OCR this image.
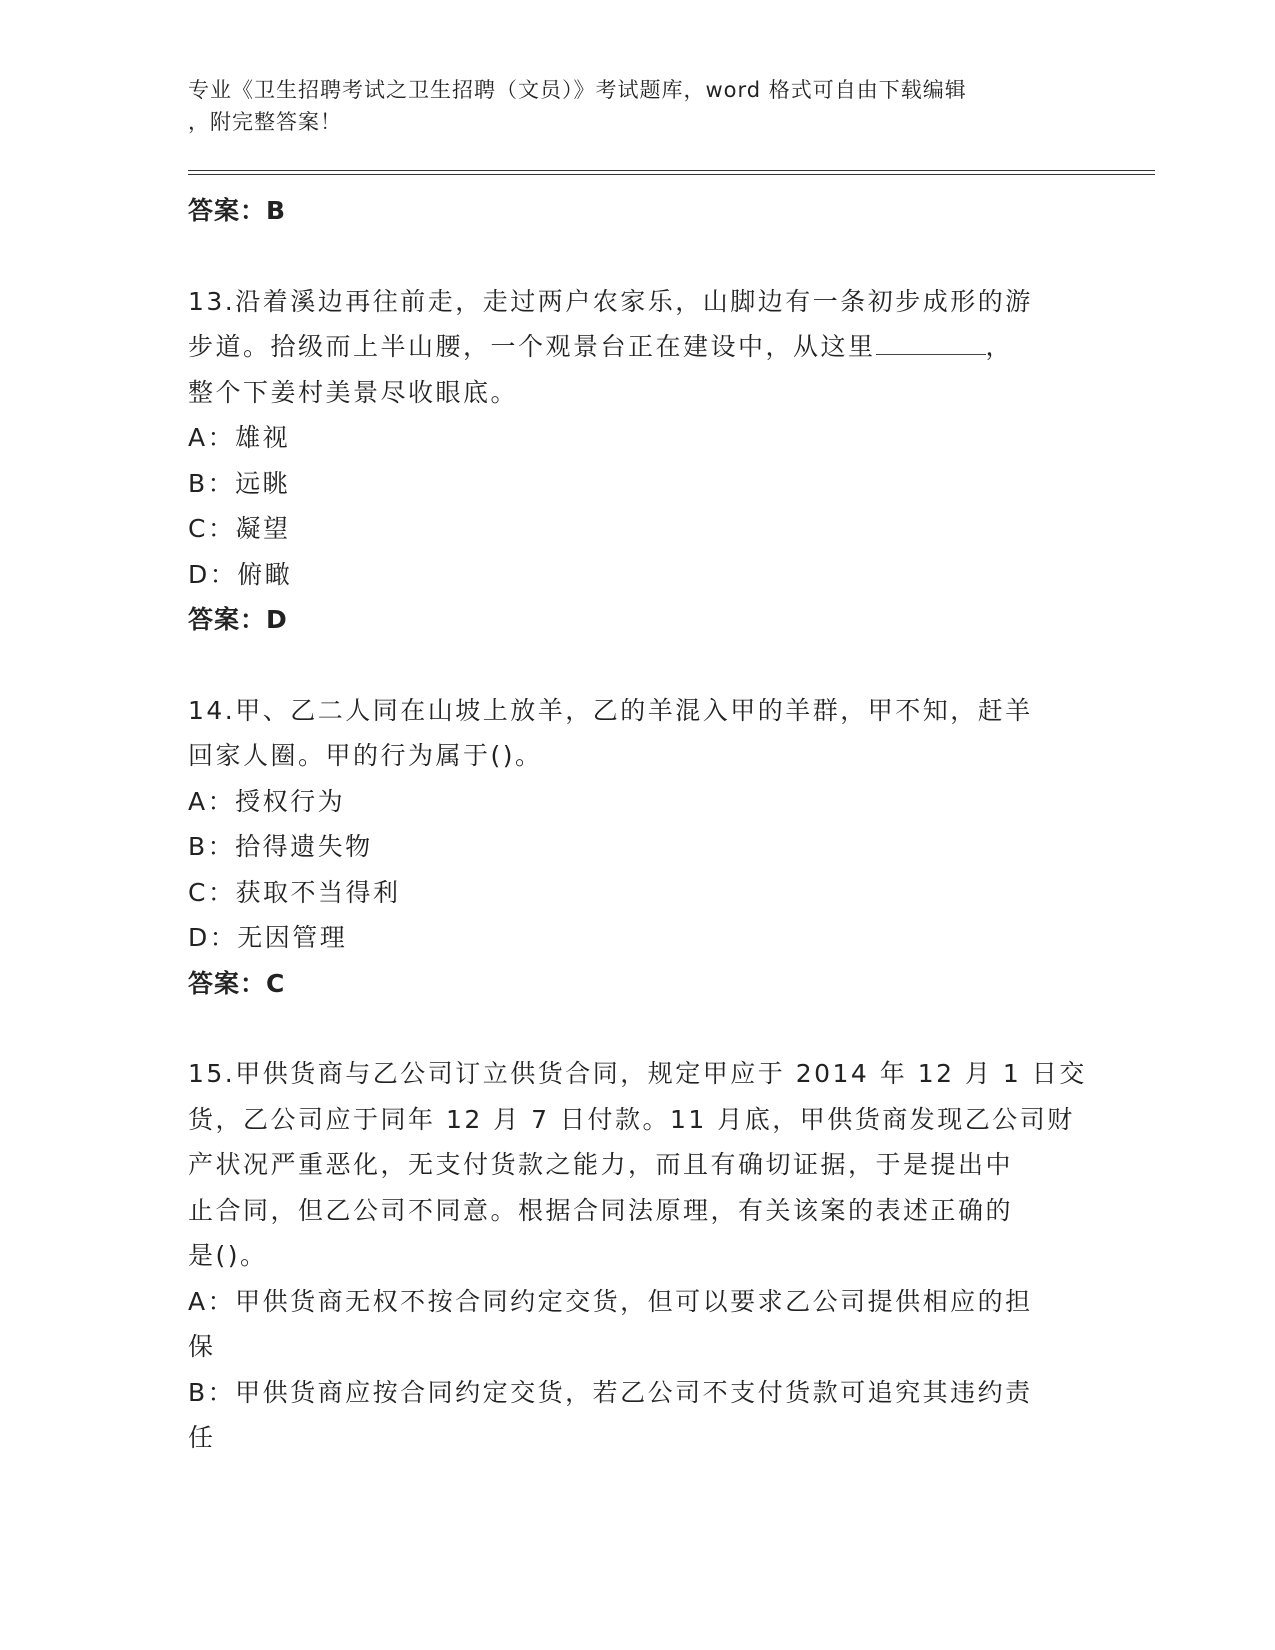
专业《卫生招聘考试之卫生招聘（文员）》考试题库，word 格式可自由下载编辑
，附完整答案！
答案：B
13.沿着溪边再往前走，走过两户农家乐，山脚边有一条初步成形的游
步道。拾级而上半山腰，一个观景台正在建设中，从这里	，
整个下姜村美景尽收眼底。
A：雄视
B：远眺
C：凝望
D：俯瞰
答案：D
14.甲、乙二人同在山坡上放羊，乙的羊混入甲的羊群，甲不知，赶羊
回家人圈。甲的行为属于()。
A：授权行为
B：拾得遗失物
C：获取不当得利
D：无因管理
答案：C
15.甲供货商与乙公司订立供货合同，规定甲应于 2014 年 12 月 1 日交
货，乙公司应于同年 12 月 7 日付款。11 月底，甲供货商发现乙公司财
产状况严重恶化，无支付货款之能力，而且有确切证据，于是提出中
止合同，但乙公司不同意。根据合同法原理，有关该案的表述正确的
是()。
A：甲供货商无权不按合同约定交货，但可以要求乙公司提供相应的担
保
B：甲供货商应按合同约定交货，若乙公司不支付货款可追究其违约责
任
